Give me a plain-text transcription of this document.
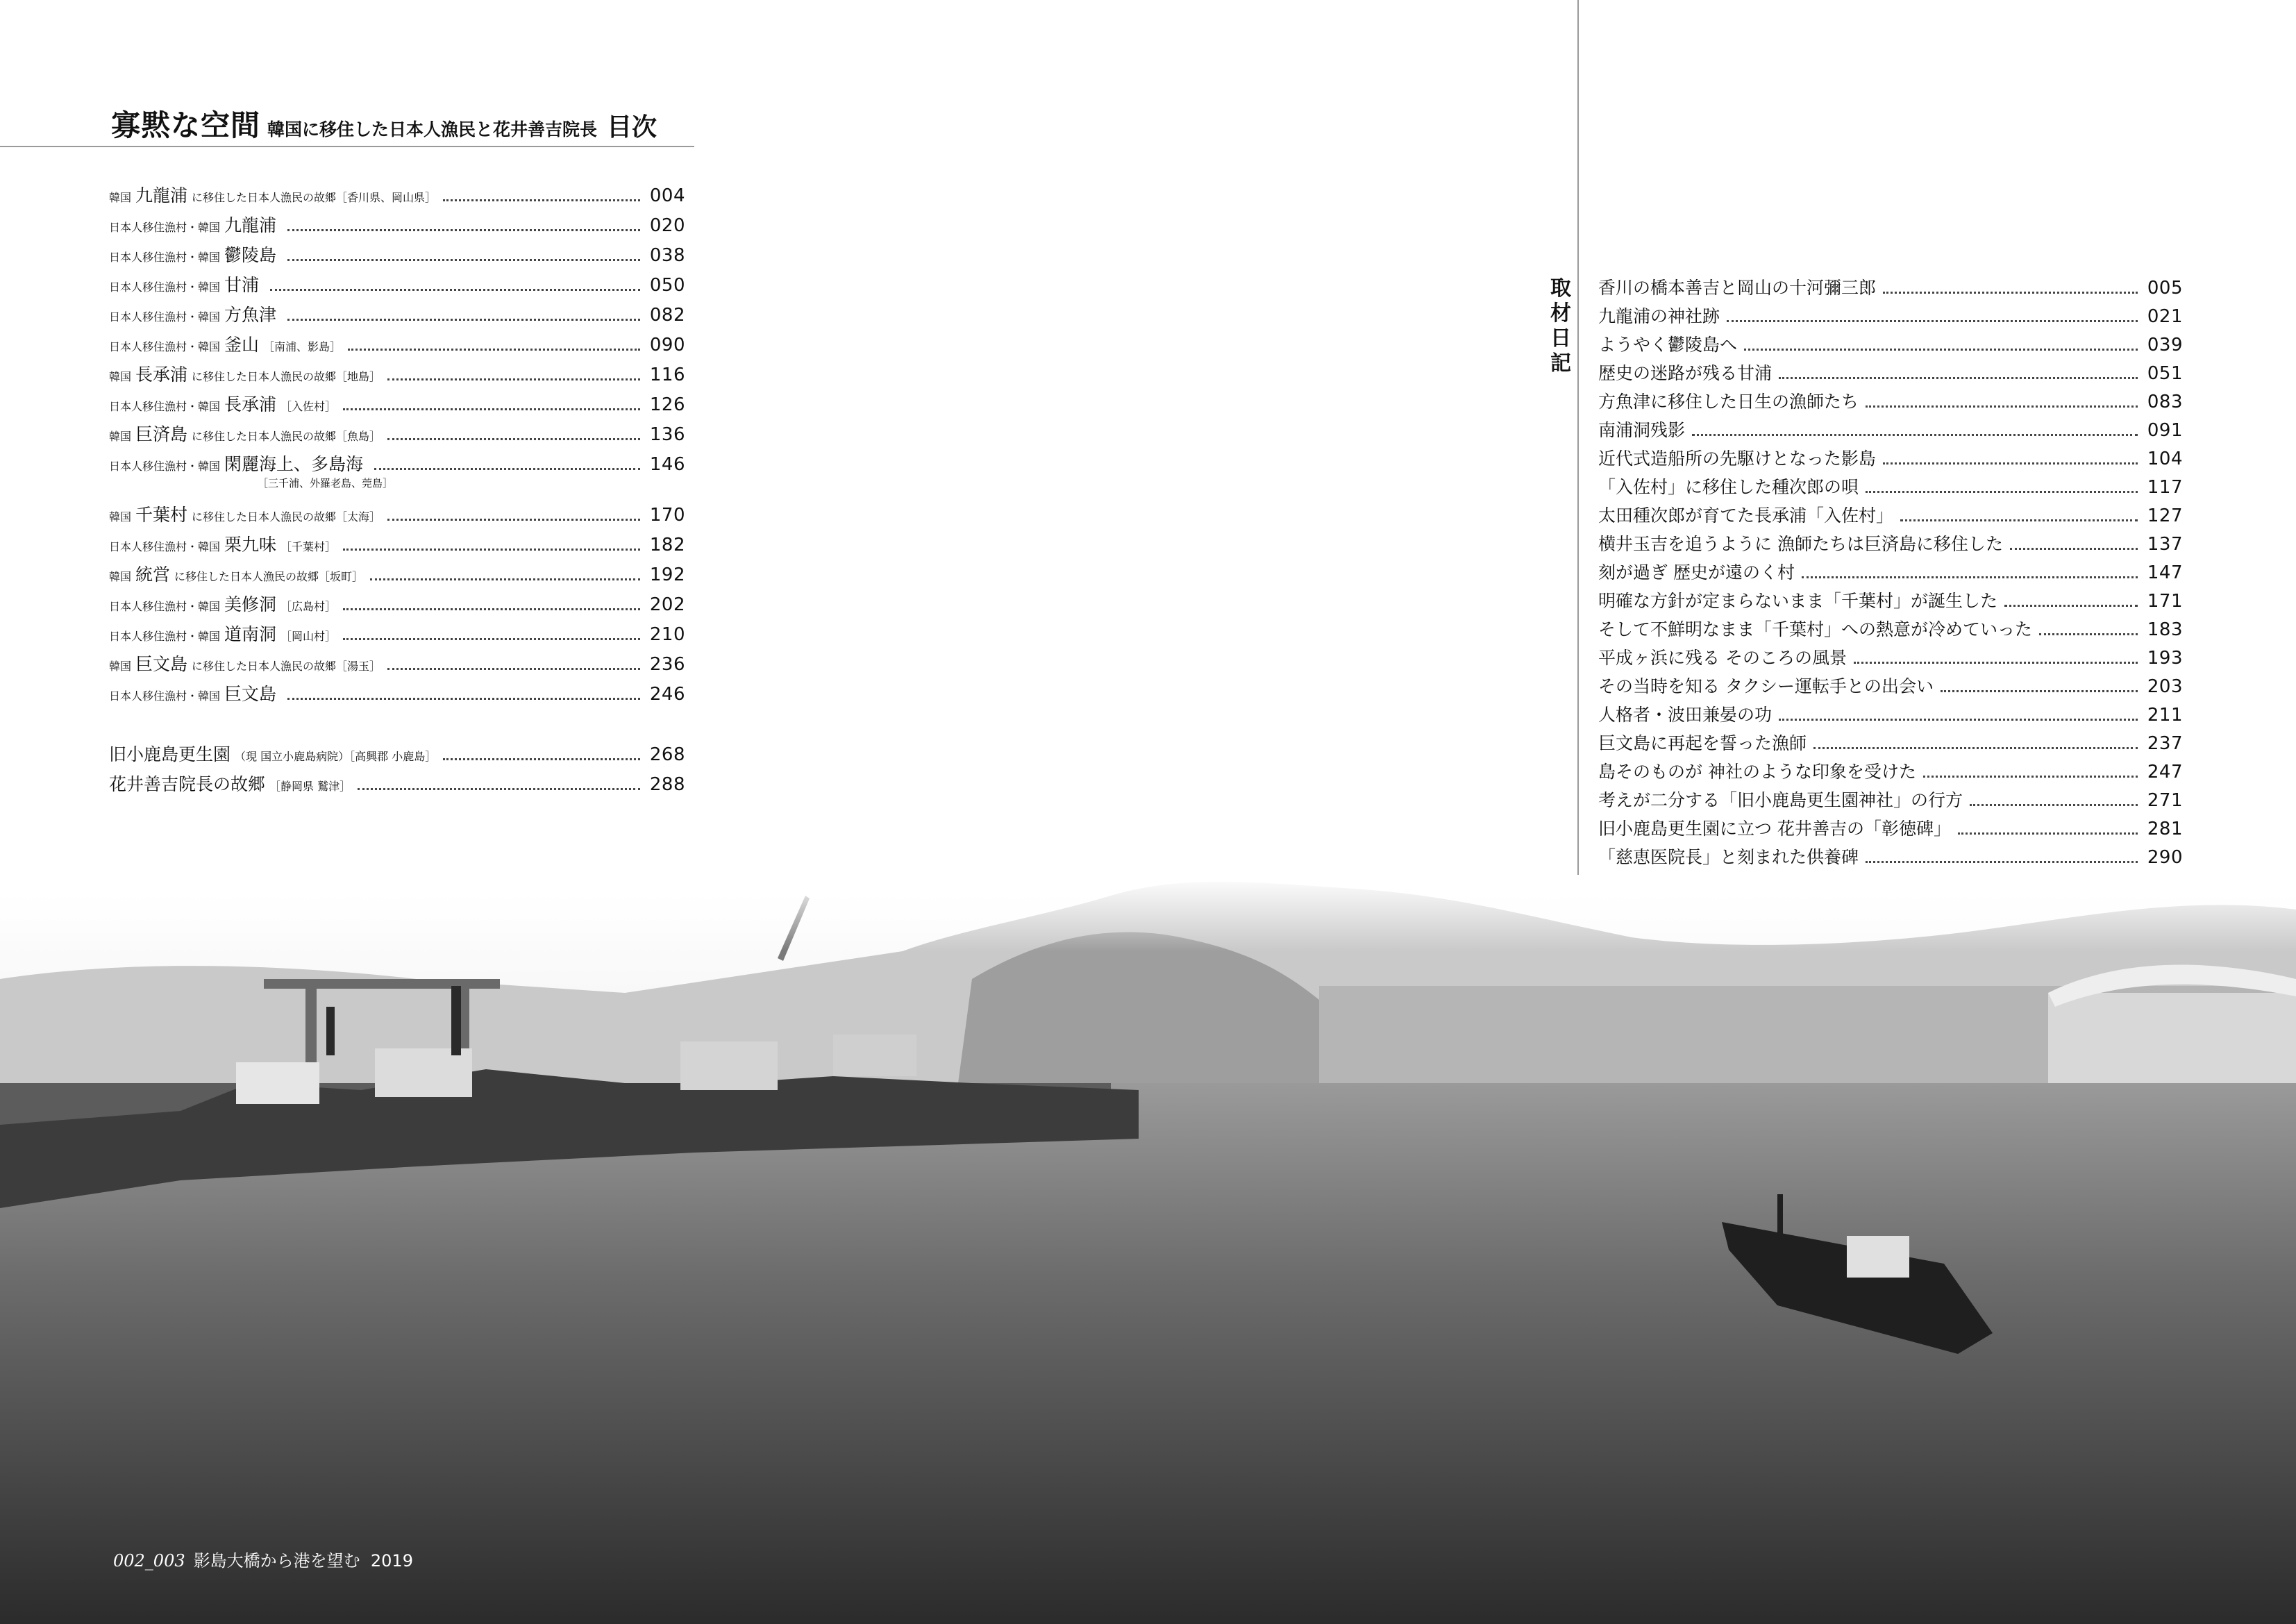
寡黙な空間 韓国に移住した日本人漁民と花井善吉院長 目次
韓国 九龍浦 に移住した日本人漁民の故郷［香川県、岡山県］	004
日本人移住漁村・韓国 九龍浦	020
日本人移住漁村・韓国 鬱陵島	038
日本人移住漁村・韓国 甘浦	050
日本人移住漁村・韓国 方魚津	082
日本人移住漁村・韓国 釜山 ［南浦、影島］	090
韓国 長承浦 に移住した日本人漁民の故郷［地島］	116
日本人移住漁村・韓国 長承浦 ［入佐村］	126
韓国 巨済島 に移住した日本人漁民の故郷［魚島］	136
日本人移住漁村・韓国 閑麗海上、多島海	146
［三千浦、外羅老島、莞島］
韓国 千葉村 に移住した日本人漁民の故郷［太海］	170
日本人移住漁村・韓国 栗九味 ［千葉村］	182
韓国 統営 に移住した日本人漁民の故郷［坂町］	192
日本人移住漁村・韓国 美修洞 ［広島村］	202
日本人移住漁村・韓国 道南洞 ［岡山村］	210
韓国 巨文島 に移住した日本人漁民の故郷［湯玉］	236
日本人移住漁村・韓国 巨文島	246
旧小鹿島更生園 （現 国立小鹿島病院）［高興郡 小鹿島］	268
花井善吉院長の故郷 ［静岡県 鷲津］	288
取
材
日
記
香川の橋本善吉と岡山の十河彌三郎	005
九龍浦の神社跡	021
ようやく鬱陵島へ	039
歴史の迷路が残る甘浦	051
方魚津に移住した日生の漁師たち	083
南浦洞残影	091
近代式造船所の先駆けとなった影島	104
「入佐村」に移住した種次郎の唄	117
太田種次郎が育てた長承浦「入佐村」	127
横井玉吉を追うように 漁師たちは巨済島に移住した	137
刻が過ぎ 歴史が遠のく村	147
明確な方針が定まらないまま「千葉村」が誕生した	171
そして不鮮明なまま「千葉村」への熱意が冷めていった	183
平成ヶ浜に残る そのころの風景	193
その当時を知る タクシー運転手との出会い	203
人格者・波田兼晏の功	211
巨文島に再起を誓った漁師	237
島そのものが 神社のような印象を受けた	247
考えが二分する「旧小鹿島更生園神社」の行方	271
旧小鹿島更生園に立つ 花井善吉の「彰徳碑」	281
「慈恵医院長」と刻まれた供養碑	290
002_003 影島大橋から港を望む 2019
